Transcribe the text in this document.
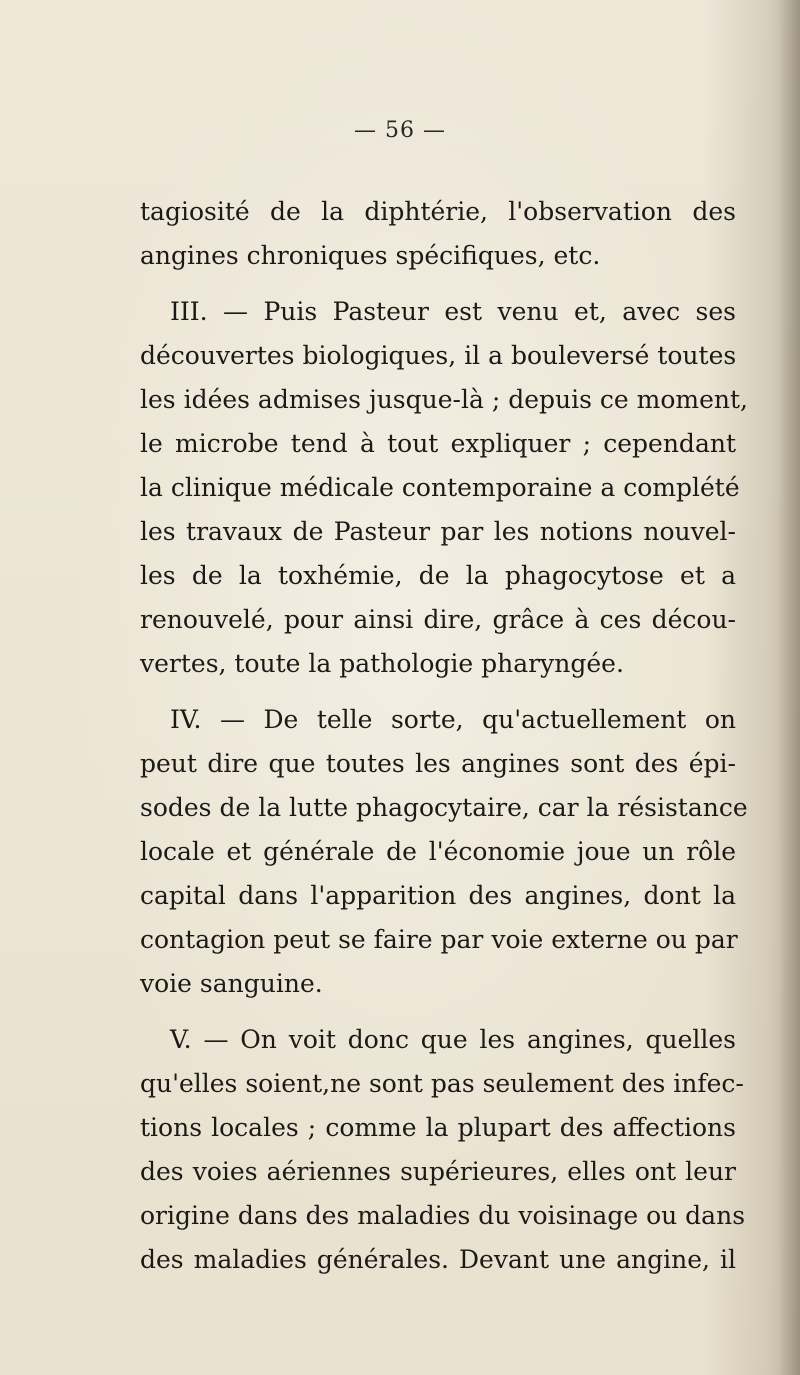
— 56 —
tagiosité de la diphtérie, l'observation des
angines chroniques spécifiques, etc.
III. — Puis Pasteur est venu et, avec ses
découvertes biologiques, il a bouleversé toutes
les idées admises jusque-là ; depuis ce moment,
le microbe tend à tout expliquer ; cependant
la clinique médicale contemporaine a complété
les travaux de Pasteur par les notions nouvel-
les de la toxhémie, de la phagocytose et a
renouvelé, pour ainsi dire, grâce à ces décou-
vertes, toute la pathologie pharyngée.
IV. — De telle sorte, qu'actuellement on
peut dire que toutes les angines sont des épi-
sodes de la lutte phagocytaire, car la résistance
locale et générale de l'économie joue un rôle
capital dans l'apparition des angines, dont la
contagion peut se faire par voie externe ou par
voie sanguine.
V. — On voit donc que les angines, quelles
qu'elles soient,ne sont pas seulement des infec-
tions locales ; comme la plupart des affections
des voies aériennes supérieures, elles ont leur
origine dans des maladies du voisinage ou dans
des maladies générales. Devant une angine, il
